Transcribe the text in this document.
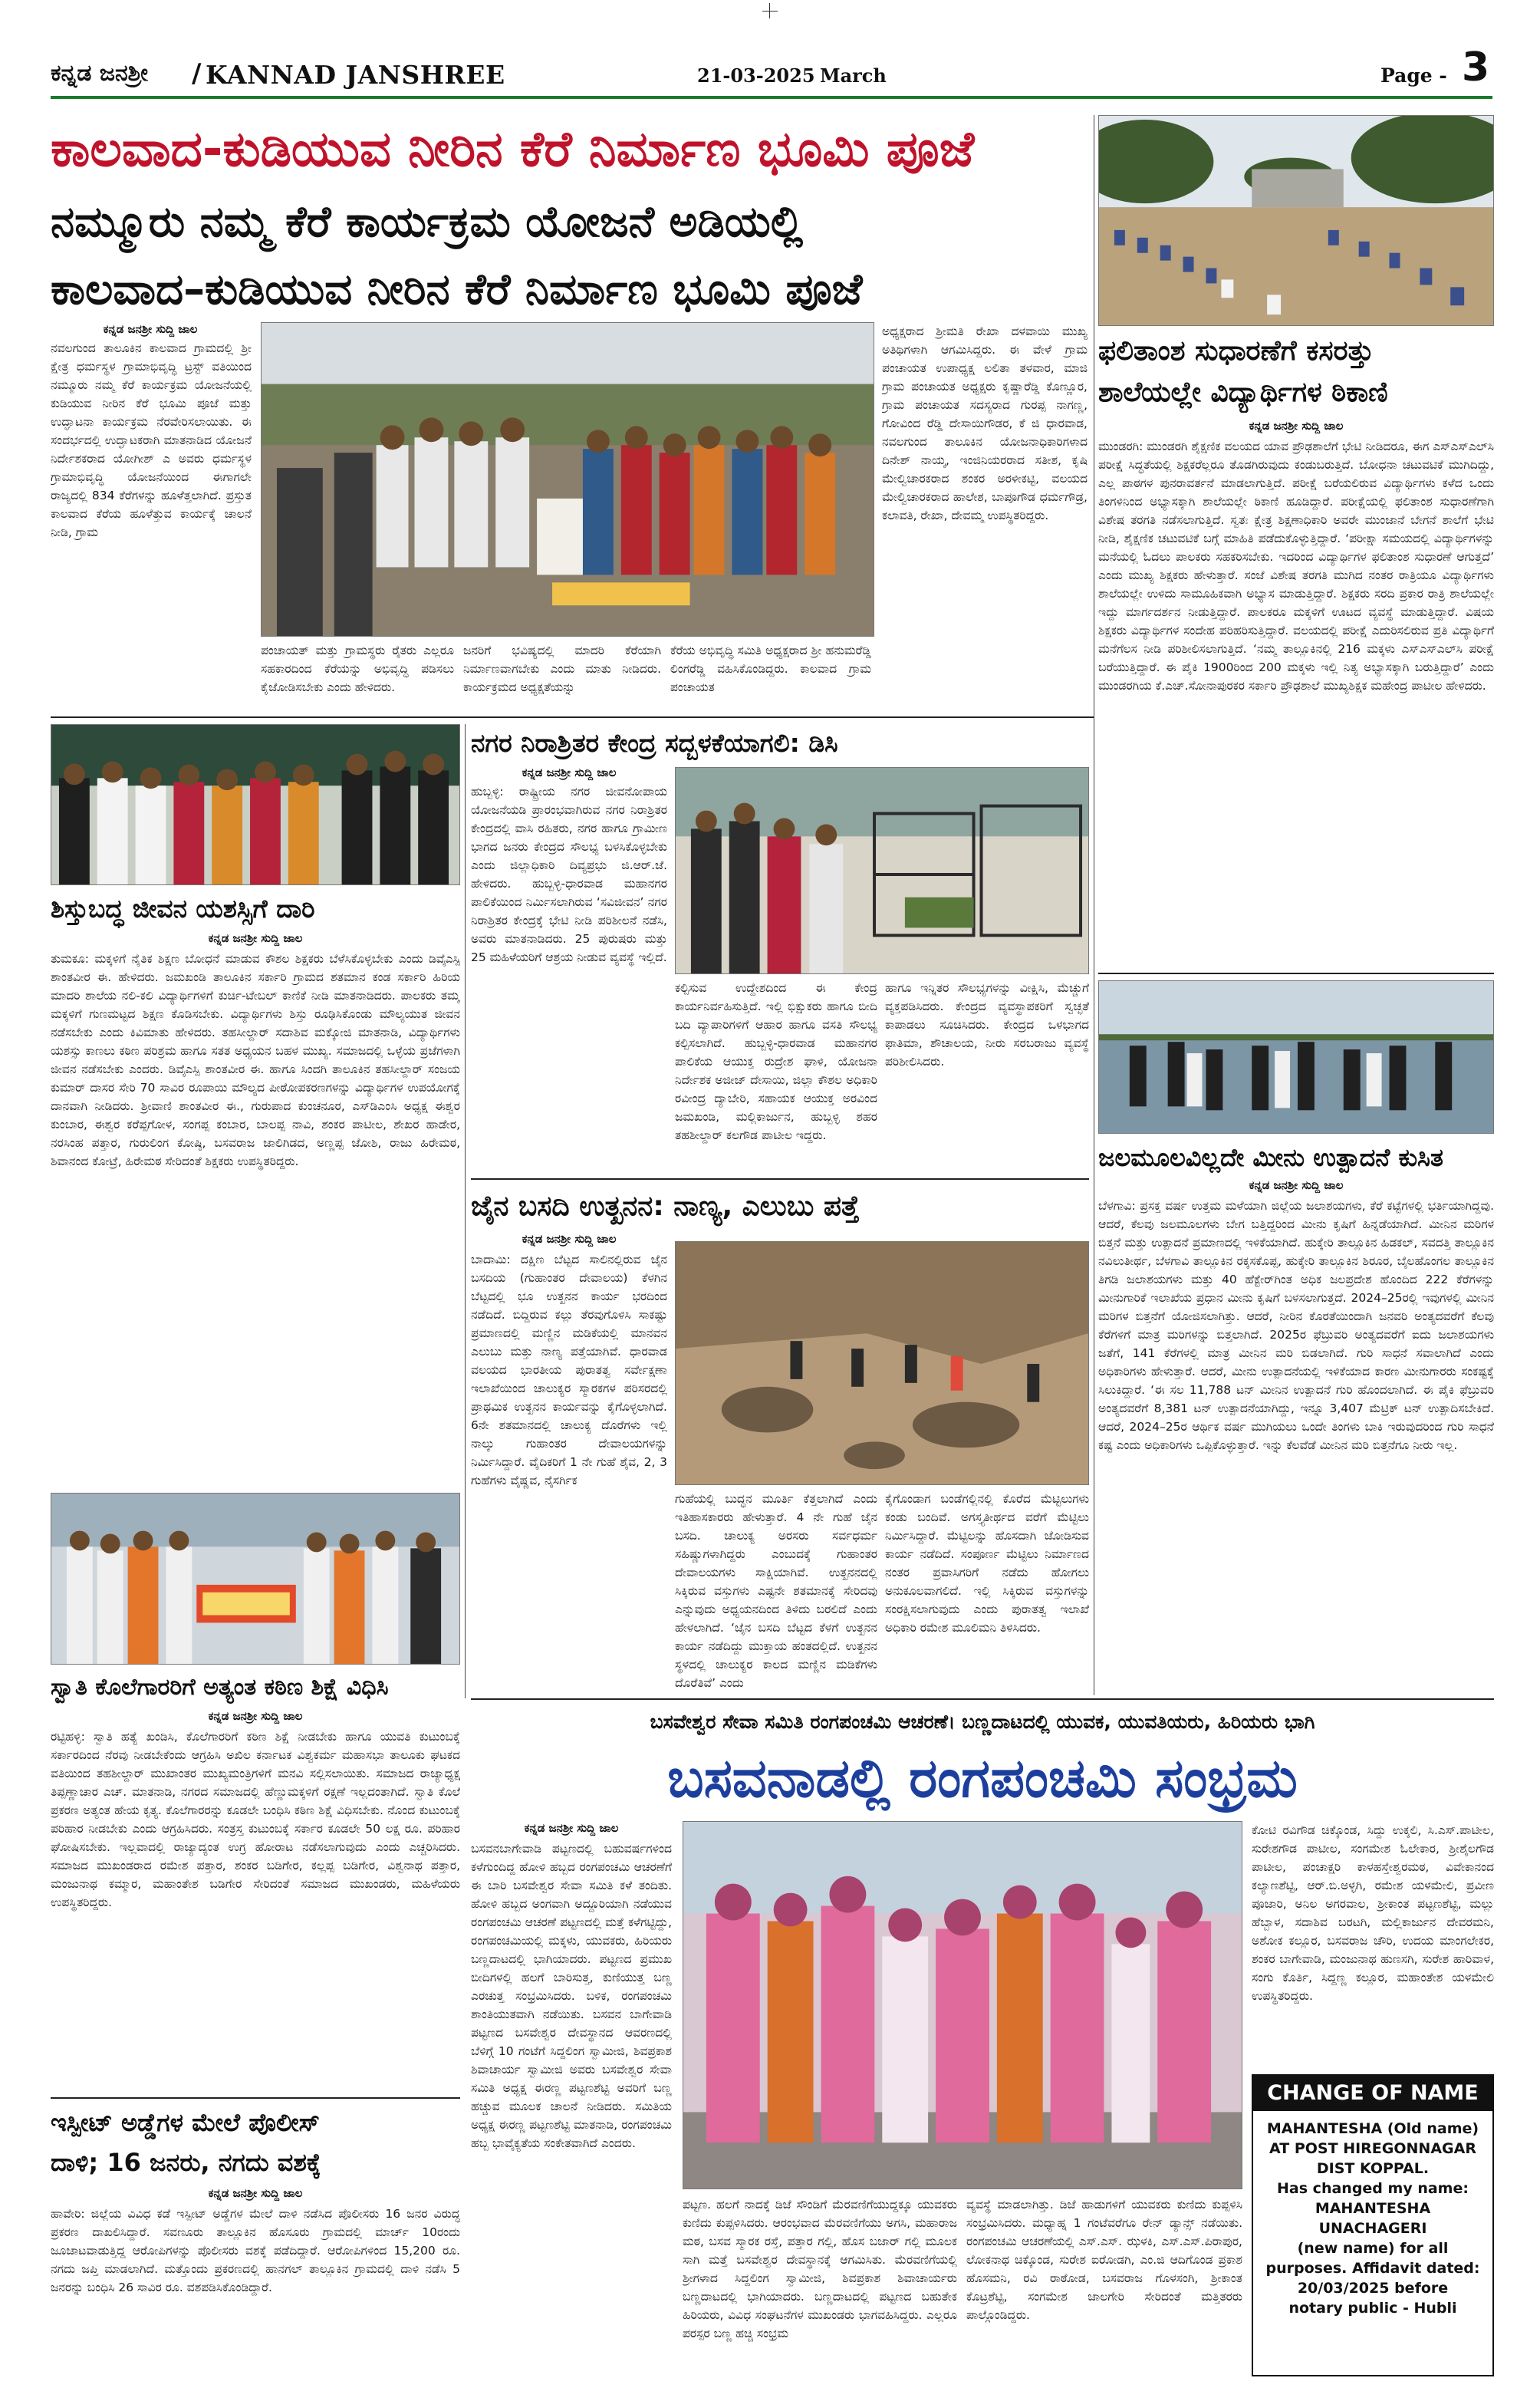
ಕನ್ನಡ ಜನಶ್ರೀ / KANNAD JANSHREE	21-03-2025 March	Page - 3
ಕಾಲವಾದ-ಕುಡಿಯುವ ನೀರಿನ ಕೆರೆ ನಿರ್ಮಾಣ ಭೂಮಿ ಪೂಜೆ
ನಮ್ಮೂರು ನಮ್ಮ ಕೆರೆ ಕಾರ್ಯಕ್ರಮ ಯೋಜನೆ ಅಡಿಯಲ್ಲಿ
ಕಾಲವಾದ–ಕುಡಿಯುವ ನೀರಿನ ಕೆರೆ ನಿರ್ಮಾಣ ಭೂಮಿ ಪೂಜೆ
ಕನ್ನಡ ಜನಶ್ರೀ ಸುದ್ದಿ ಜಾಲ
ನವಲಗುಂದ ತಾಲೂಕಿನ ಕಾಲವಾದ ಗ್ರಾಮದಲ್ಲಿ ಶ್ರೀ ಕ್ಷೇತ್ರ ಧರ್ಮಸ್ಥಳ ಗ್ರಾಮಾಭಿವೃದ್ಧಿ ಟ್ರಸ್ಟ್ ವತಿಯಿಂದ ನಮ್ಮೂರು ನಮ್ಮ ಕೆರೆ ಕಾರ್ಯಕ್ರಮ ಯೋಜನೆಯಲ್ಲಿ ಕುಡಿಯುವ ನೀರಿನ ಕೆರೆ ಭೂಮಿ ಪೂಜೆ ಮತ್ತು ಉದ್ಘಾಟನಾ ಕಾರ್ಯಕ್ರಮ ನೆರವೇರಿಸಲಾಯಿತು. ಈ ಸಂದರ್ಭದಲ್ಲಿ ಉದ್ಘಾಟಕರಾಗಿ ಮಾತನಾಡಿದ ಯೋಜನೆ ನಿರ್ದೇಶಕರಾದ ಯೋಗೀಶ್ ಎ ಅವರು ಧರ್ಮಸ್ಥಳ ಗ್ರಾಮಾಭಿವೃದ್ಧಿ ಯೋಜನೆಯಿಂದ ಈಗಾಗಲೇ ರಾಜ್ಯದಲ್ಲಿ 834 ಕೆರೆಗಳನ್ನು ಹೂಳೆತ್ತಲಾಗಿದೆ. ಪ್ರಸ್ತುತ ಕಾಲವಾದ ಕೆರೆಯ ಹೂಳೆತ್ತುವ ಕಾರ್ಯಕ್ಕೆ ಚಾಲನೆ ನೀಡಿ, ಗ್ರಾಮ
ಪಂಚಾಯತ್ ಮತ್ತು ಗ್ರಾಮಸ್ಥರು ರೈತರು ಎಲ್ಲರೂ ಸಹಕಾರದಿಂದ ಕೆರೆಯನ್ನು ಅಭಿವೃದ್ಧಿ ಪಡಿಸಲು ಕೈಜೋಡಿಸಬೇಕು ಎಂದು ಹೇಳಿದರು.
ಜನರಿಗೆ ಭವಿಷ್ಯದಲ್ಲಿ ಮಾದರಿ ಕೆರೆಯಾಗಿ ನಿರ್ಮಾಣವಾಗಬೇಕು ಎಂದು ಮಾತು ನೀಡಿದರು. ಕಾರ್ಯಕ್ರಮದ ಅಧ್ಯಕ್ಷತೆಯನ್ನು
ಕೆರೆಯ ಅಭಿವೃದ್ಧಿ ಸಮಿತಿ ಅಧ್ಯಕ್ಷರಾದ ಶ್ರೀ ಹನುಮರೆಡ್ಡಿ ಲಿಂಗರೆಡ್ಡಿ ವಹಿಸಿಕೊಂಡಿದ್ದರು. ಕಾಲವಾದ ಗ್ರಾಮ ಪಂಚಾಯತ
ಅಧ್ಯಕ್ಷರಾದ ಶ್ರೀಮತಿ ರೇಖಾ ದಳವಾಯಿ ಮುಖ್ಯ ಅತಿಥಿಗಳಾಗಿ ಆಗಮಿಸಿದ್ದರು. ಈ ವೇಳೆ ಗ್ರಾಮ ಪಂಚಾಯತ ಉಪಾಧ್ಯಕ್ಷ ಲಲಿತಾ ತಳವಾರ, ಮಾಜಿ ಗ್ರಾಮ ಪಂಚಾಯತ ಅಧ್ಯಕ್ಷರು ಕೃಷ್ಣಾರೆಡ್ಡಿ ಕೊಣ್ಣೂರ, ಗ್ರಾಮ ಪಂಚಾಯತ ಸದಸ್ಯರಾದ ಗುರಪ್ಪ ನಾಗಣ್ಣ, ಗೋವಿಂದ ರೆಡ್ಡಿ ದೇಸಾಯಿಗೌಡರ, ಕೆ ಜಿ ಧಾರವಾಡ, ನವಲಗುಂದ ತಾಲೂಕಿನ ಯೋಜನಾಧಿಕಾರಿಗಳಾದ ದಿನೇಶ್ ನಾಯ್ಕ, ಇಂಜಿನಿಯರರಾದ ಸತೀಶ, ಕೃಷಿ ಮೇಲ್ವಿಚಾರಕರಾದ ಶಂಕರ ಅರಳೀಕಟ್ಟಿ, ವಲಯದ ಮೇಲ್ವಿಚಾರಕರಾದ ಹಾಲೇಶ, ಬಾಪೂಗೌಡ ಧರ್ಮಗೌಡ್ರ, ಕಲಾವತಿ, ರೇಖಾ, ದೇವಮ್ಮ ಉಪಸ್ಥಿತರಿದ್ದರು.
ಫಲಿತಾಂಶ ಸುಧಾರಣೆಗೆ ಕಸರತ್ತು
ಶಾಲೆಯಲ್ಲೇ ವಿದ್ಯಾರ್ಥಿಗಳ ಠಿಕಾಣಿ
ಕನ್ನಡ ಜನಶ್ರೀ ಸುದ್ದಿ ಜಾಲ
ಮುಂಡರಗಿ: ಮುಂಡರಗಿ ಶೈಕ್ಷಣಿಕ ವಲಯದ ಯಾವ ಪ್ರೌಢಶಾಲೆಗೆ ಭೇಟಿ ನೀಡಿದರೂ, ಈಗ ಎಸ್‌ಎಸ್‌ಎಲ್‌ಸಿ ಪರೀಕ್ಷೆ ಸಿದ್ಧತೆಯಲ್ಲಿ ಶಿಕ್ಷಕರೆಲ್ಲರೂ ತೊಡಗಿರುವುದು ಕಂಡುಬರುತ್ತಿದೆ. ಬೋಧನಾ ಚಟುವಟಿಕೆ ಮುಗಿದಿದ್ದು, ಎಲ್ಲ ಪಾಠಗಳ ಪುನರಾವರ್ತನೆ ಮಾಡಲಾಗುತ್ತಿದೆ. ಪರೀಕ್ಷೆ ಬರೆಯಲಿರುವ ವಿದ್ಯಾರ್ಥಿಗಳು ಕಳೆದ ಒಂದು ತಿಂಗಳಿನಿಂದ ಅಭ್ಯಾಸಕ್ಕಾಗಿ ಶಾಲೆಯಲ್ಲೇ ಠಿಕಾಣಿ ಹೂಡಿದ್ದಾರೆ. ಪರೀಕ್ಷೆಯಲ್ಲಿ ಫಲಿತಾಂಶ ಸುಧಾರಣೆಗಾಗಿ ವಿಶೇಷ ತರಗತಿ ನಡೆಸಲಾಗುತ್ತಿದೆ. ಸ್ವತಃ ಕ್ಷೇತ್ರ ಶಿಕ್ಷಣಾಧಿಕಾರಿ ಅವರೇ ಮುಂಜಾನೆ ಬೇಗನೆ ಶಾಲೆಗೆ ಭೇಟಿ ನೀಡಿ, ಶೈಕ್ಷಣಿಕ ಚಟುವಟಿಕೆ ಬಗ್ಗೆ ಮಾಹಿತಿ ಪಡೆದುಕೊಳ್ಳುತ್ತಿದ್ದಾರೆ. ‘ಪರೀಕ್ಷಾ ಸಮಯದಲ್ಲಿ ವಿದ್ಯಾರ್ಥಿಗಳನ್ನು ಮನೆಯಲ್ಲಿ ಓದಲು ಪಾಲಕರು ಸಹಕರಿಸಬೇಕು. ಇದರಿಂದ ವಿದ್ಯಾರ್ಥಿಗಳ ಫಲಿತಾಂಶ ಸುಧಾರಣೆ ಆಗುತ್ತದೆ’ ಎಂದು ಮುಖ್ಯ ಶಿಕ್ಷಕರು ಹೇಳುತ್ತಾರೆ. ಸಂಜೆ ವಿಶೇಷ ತರಗತಿ ಮುಗಿದ ನಂತರ ರಾತ್ರಿಯೂ ವಿದ್ಯಾರ್ಥಿಗಳು ಶಾಲೆಯಲ್ಲೇ ಉಳಿದು ಸಾಮೂಹಿಕವಾಗಿ ಅಭ್ಯಾಸ ಮಾಡುತ್ತಿದ್ದಾರೆ. ಶಿಕ್ಷಕರು ಸರದಿ ಪ್ರಕಾರ ರಾತ್ರಿ ಶಾಲೆಯಲ್ಲೇ ಇದ್ದು ಮಾರ್ಗದರ್ಶನ ನೀಡುತ್ತಿದ್ದಾರೆ. ಪಾಲಕರೂ ಮಕ್ಕಳಿಗೆ ಊಟದ ವ್ಯವಸ್ಥೆ ಮಾಡುತ್ತಿದ್ದಾರೆ. ವಿಷಯ ಶಿಕ್ಷಕರು ವಿದ್ಯಾರ್ಥಿಗಳ ಸಂದೇಹ ಪರಿಹರಿಸುತ್ತಿದ್ದಾರೆ. ವಲಯದಲ್ಲಿ ಪರೀಕ್ಷೆ ಎದುರಿಸಲಿರುವ ಪ್ರತಿ ವಿದ್ಯಾರ್ಥಿಗೆ ಮನೆಗೆಲಸ ನೀಡಿ ಪರಿಶೀಲಿಸಲಾಗುತ್ತಿದೆ. ‘ನಮ್ಮ ತಾಲ್ಲೂಕಿನಲ್ಲಿ 216 ಮಕ್ಕಳು ಎಸ್‌ಎಸ್‌ಎಲ್‌ಸಿ ಪರೀಕ್ಷೆ ಬರೆಯುತ್ತಿದ್ದಾರೆ. ಈ ಪೈಕಿ 1900ರಿಂದ 200 ಮಕ್ಕಳು ಇಲ್ಲಿ ನಿತ್ಯ ಅಭ್ಯಾಸಕ್ಕಾಗಿ ಬರುತ್ತಿದ್ದಾರೆ’ ಎಂದು ಮುಂಡರಗಿಯ ಕೆ.ಎಚ್.ಸೋನಾಪುರಕರ ಸರ್ಕಾರಿ ಪ್ರೌಢಶಾಲೆ ಮುಖ್ಯಶಿಕ್ಷಕ ಮಹೇಂದ್ರ ಪಾಟೀಲ ಹೇಳಿದರು.
ಶಿಸ್ತುಬದ್ಧ ಜೀವನ ಯಶಸ್ಸಿಗೆ ದಾರಿ
ಕನ್ನಡ ಜನಶ್ರೀ ಸುದ್ದಿ ಜಾಲ
ತುಮಕೂ: ಮಕ್ಕಳಿಗೆ ನೈತಿಕ ಶಿಕ್ಷಣ ಬೋಧನೆ ಮಾಡುವ ಕೌಶಲ ಶಿಕ್ಷಕರು ಬೆಳೆಸಿಕೊಳ್ಳಬೇಕು ಎಂದು ಡಿವೈಎಸ್ಪಿ ಶಾಂತವೀರ ಈ. ಹೇಳಿದರು. ಜಮಖಂಡಿ ತಾಲೂಕಿನ ಸರ್ಕಾರಿ ಗ್ರಾಮದ ಶತಮಾನ ಕಂಡ ಸರ್ಕಾರಿ ಹಿರಿಯ ಮಾದರಿ ಶಾಲೆಯ ನಲಿ-ಕಲಿ ವಿದ್ಯಾರ್ಥಿಗಳಿಗೆ ಕುರ್ಚಿ-ಟೇಬಲ್ ಕಾಣಿಕೆ ನೀಡಿ ಮಾತನಾಡಿದರು. ಪಾಲಕರು ತಮ್ಮ ಮಕ್ಕಳಿಗೆ ಗುಣಮಟ್ಟದ ಶಿಕ್ಷಣ ಕೊಡಿಸಬೇಕು. ವಿದ್ಯಾರ್ಥಿಗಳು ಶಿಸ್ತು ರೂಢಿಸಿಕೊಂಡು ಮೌಲ್ಯಯುತ ಜೀವನ ನಡೆಸಬೇಕು ಎಂದು ಕಿವಿಮಾತು ಹೇಳಿದರು. ತಹಸೀಲ್ದಾರ್ ಸದಾಶಿವ ಮಕ್ಕೋಜಿ ಮಾತನಾಡಿ, ವಿದ್ಯಾರ್ಥಿಗಳು ಯಶಸ್ಸು ಕಾಣಲು ಕಠಿಣ ಪರಿಶ್ರಮ ಹಾಗೂ ಸತತ ಅಧ್ಯಯನ ಬಹಳ ಮುಖ್ಯ. ಸಮಾಜದಲ್ಲಿ ಒಳ್ಳೆಯ ಪ್ರಜೆಗಳಾಗಿ ಜೀವನ ನಡೆಸಬೇಕು ಎಂದರು. ಡಿವೈಎಸ್ಪಿ ಶಾಂತವೀರ ಈ. ಹಾಗೂ ಸಿಂದಗಿ ತಾಲೂಕಿನ ತಹಸೀಲ್ದಾರ್ ಸಂಜಯ ಕುಮಾರ್ ದಾಸರ ಸೇರಿ 70 ಸಾವಿರ ರೂಪಾಯಿ ಮೌಲ್ಯದ ಪೀಠೋಪಕರಣಗಳನ್ನು ವಿದ್ಯಾರ್ಥಿಗಳ ಉಪಯೋಗಕ್ಕೆ ದಾನವಾಗಿ ನೀಡಿದರು. ಶ್ರೀವಾಣಿ ಶಾಂತವೀರ ಈ., ಗುರುಪಾದ ಕುಂಚನೂರ, ಎಸ್‌ಡಿಎಂಸಿ ಅಧ್ಯಕ್ಷ ಈಶ್ವರ ಕುಂಬಾರ, ಈಶ್ವರ ಕರೆಪ್ಪಗೋಳ, ಸಂಗಪ್ಪ ಕಂಬಾರ, ಬಾಲಪ್ಪ ನಾವಿ, ಶಂಕರ ಪಾಟೀಲ, ಶೇಖರ ಹಾಡೇರ, ನರಸಿಂಹ ಪತ್ತಾರ, ಗುರುಲಿಂಗ ಕೋಷ್ಠಿ, ಬಸವರಾಜ ಜಾಲಿಗಿಡದ, ಅಣ್ಣಪ್ಪ ಜೋಶಿ, ರಾಜು ಹಿರೇಮಠ, ಶಿವಾನಂದ ಕೋಟ್ರೆ, ಹಿರೇಮಠ ಸೇರಿದಂತೆ ಶಿಕ್ಷಕರು ಉಪಸ್ಥಿತರಿದ್ದರು.
ನಗರ ನಿರಾಶ್ರಿತರ ಕೇಂದ್ರ ಸದ್ಬಳಕೆಯಾಗಲಿ: ಡಿಸಿ
ಕನ್ನಡ ಜನಶ್ರೀ ಸುದ್ದಿ ಜಾಲ
ಹುಬ್ಬಳ್ಳಿ: ರಾಷ್ಟ್ರೀಯ ನಗರ ಜೀವನೋಪಾಯ ಯೋಜನೆಯಡಿ ಪ್ರಾರಂಭವಾಗಿರುವ ನಗರ ನಿರಾಶ್ರಿತರ ಕೇಂದ್ರದಲ್ಲಿ ವಾಸಿ ರಹಿತರು, ನಗರ ಹಾಗೂ ಗ್ರಾಮೀಣ ಭಾಗದ ಜನರು ಕೇಂದ್ರದ ಸೌಲಭ್ಯ ಬಳಸಿಕೊಳ್ಳಬೇಕು ಎಂದು ಜಿಲ್ಲಾಧಿಕಾರಿ ದಿವ್ಯಪ್ರಭು ಜಿ.ಆರ್.ಜೆ. ಹೇಳಿದರು. ಹುಬ್ಬಳ್ಳಿ-ಧಾರವಾಡ ಮಹಾನಗರ ಪಾಲಿಕೆಯಿಂದ ನಿರ್ಮಿಸಲಾಗಿರುವ ‘ಸವಿಜೀವನ’ ನಗರ ನಿರಾಶ್ರಿತರ ಕೇಂದ್ರಕ್ಕೆ ಭೇಟಿ ನೀಡಿ ಪರಿಶೀಲನೆ ನಡೆಸಿ, ಅವರು ಮಾತನಾಡಿದರು. 25 ಪುರುಷರು ಮತ್ತು 25 ಮಹಿಳೆಯರಿಗೆ ಆಶ್ರಯ ನೀಡುವ ವ್ಯವಸ್ಥೆ ಇಲ್ಲಿದೆ.
ಕಲ್ಪಿಸುವ ಉದ್ದೇಶದಿಂದ ಈ ಕೇಂದ್ರ ಕಾರ್ಯನಿರ್ವಹಿಸುತ್ತಿದೆ. ಇಲ್ಲಿ ಭಿಕ್ಷುಕರು ಹಾಗೂ ಬೀದಿ ಬದಿ ವ್ಯಾಪಾರಿಗಳಿಗೆ ಆಹಾರ ಹಾಗೂ ವಸತಿ ಸೌಲಭ್ಯ ಕಲ್ಪಿಸಲಾಗಿದೆ. ಹುಬ್ಬಳ್ಳಿ-ಧಾರವಾಡ ಮಹಾನಗರ ಪಾಲಿಕೆಯ ಆಯುಕ್ತ ರುದ್ರೇಶ ಘಾಳಿ, ಯೋಜನಾ ನಿರ್ದೇಶಕ ಅಜೀಜ್ ದೇಸಾಯಿ, ಜಿಲ್ಲಾ ಕೌಶಲ ಅಧಿಕಾರಿ ರವೀಂದ್ರ ದ್ಯಾಬೇರಿ, ಸಹಾಯಕ ಆಯುಕ್ತ ಅರವಿಂದ ಜಮಖಂಡಿ, ಮಲ್ಲಿಕಾರ್ಜುನ, ಹುಬ್ಬಳ್ಳಿ ಶಹರ ತಹಶೀಲ್ದಾರ್ ಕಲಗೌಡ ಪಾಟೀಲ ಇದ್ದರು.
ಹಾಗೂ ಇನ್ನಿತರ ಸೌಲಭ್ಯಗಳನ್ನು ವೀಕ್ಷಿಸಿ, ಮೆಚ್ಚುಗೆ ವ್ಯಕ್ತಪಡಿಸಿದರು. ಕೇಂದ್ರದ ವ್ಯವಸ್ಥಾಪಕರಿಗೆ ಸ್ವಚ್ಛತೆ ಕಾಪಾಡಲು ಸೂಚಿಸಿದರು. ಕೇಂದ್ರದ ಒಳಭಾಗದ ಫಾತಿಮಾ, ಶೌಚಾಲಯ, ನೀರು ಸರಬರಾಜು ವ್ಯವಸ್ಥೆ ಪರಿಶೀಲಿಸಿದರು.
ಜಲಮೂಲವಿಲ್ಲದೇ ಮೀನು ಉತ್ಪಾದನೆ ಕುಸಿತ
ಕನ್ನಡ ಜನಶ್ರೀ ಸುದ್ದಿ ಜಾಲ
ಬೆಳಗಾವಿ: ಪ್ರಸಕ್ತ ವರ್ಷ ಉತ್ತಮ ಮಳೆಯಾಗಿ ಜಿಲ್ಲೆಯ ಜಲಾಶಯಗಳು, ಕೆರೆ ಕಟ್ಟೆಗಳಲ್ಲಿ ಭರ್ತಿಯಾಗಿದ್ದವು. ಆದರೆ, ಕೆಲವು ಜಲಮೂಲಗಳು ಬೇಗ ಬತ್ತಿದ್ದರಿಂದ ಮೀನು ಕೃಷಿಗೆ ಹಿನ್ನಡೆಯಾಗಿದೆ. ಮೀನಿನ ಮರಿಗಳ ಬಿತ್ತನೆ ಮತ್ತು ಉತ್ಪಾದನೆ ಪ್ರಮಾಣದಲ್ಲಿ ಇಳಿಕೆಯಾಗಿದೆ. ಹುಕ್ಕೇರಿ ತಾಲ್ಲೂಕಿನ ಹಿಡಕಲ್, ಸವದತ್ತಿ ತಾಲ್ಲೂಕಿನ ನವಿಲುತೀರ್ಥ, ಬೆಳಗಾವಿ ತಾಲ್ಲೂಕಿನ ರಕ್ಕಸಕೊಪ್ಪ, ಹುಕ್ಕೇರಿ ತಾಲ್ಲೂಕಿನ ಶಿರೂರ, ಬೈಲಹೊಂಗಲ ತಾಲ್ಲೂಕಿನ ತಿಗಡಿ ಜಲಾಶಯಗಳು ಮತ್ತು 40 ಹೆಕ್ಟೇರ್‌ಗಿಂತ ಅಧಿಕ ಜಲಪ್ರದೇಶ ಹೊಂದಿದ 222 ಕೆರೆಗಳನ್ನು ಮೀನುಗಾರಿಕೆ ಇಲಾಖೆಯ ಪ್ರಧಾನ ಮೀನು ಕೃಷಿಗೆ ಬಳಸಲಾಗುತ್ತದೆ. 2024–25ರಲ್ಲಿ ಇವುಗಳಲ್ಲಿ ಮೀನಿನ ಮರಿಗಳ ಬಿತ್ತನೆಗೆ ಯೋಜಿಸಲಾಗಿತ್ತು. ಆದರೆ, ನೀರಿನ ಕೊರತೆಯಿಂದಾಗಿ ಜನವರಿ ಅಂತ್ಯದವರೆಗೆ ಕೆಲವು ಕೆರೆಗಳಿಗೆ ಮಾತ್ರ ಮರಿಗಳನ್ನು ಬಿತ್ತಲಾಗಿದೆ. 2025ರ ಫೆಬ್ರುವರಿ ಅಂತ್ಯದವರೆಗೆ ಐದು ಜಲಾಶಯಗಳು ಜತೆಗೆ, 141 ಕೆರೆಗಳಲ್ಲಿ ಮಾತ್ರ ಮೀನಿನ ಮರಿ ಬಿಡಲಾಗಿದೆ. ಗುರಿ ಸಾಧನೆ ಸವಾಲಾಗಿದೆ ಎಂದು ಅಧಿಕಾರಿಗಳು ಹೇಳುತ್ತಾರೆ. ಆದರೆ, ಮೀನು ಉತ್ಪಾದನೆಯಲ್ಲಿ ಇಳಿಕೆಯಾದ ಕಾರಣ ಮೀನುಗಾರರು ಸಂಕಷ್ಟಕ್ಕೆ ಸಿಲುಕಿದ್ದಾರೆ. ‘ಈ ಸಲ 11,788 ಟನ್ ಮೀನಿನ ಉತ್ಪಾದನೆ ಗುರಿ ಹೊಂದಲಾಗಿದೆ. ಈ ಪೈಕಿ ಫೆಬ್ರುವರಿ ಅಂತ್ಯದವರೆಗೆ 8,381 ಟನ್ ಉತ್ಪಾದನೆಯಾಗಿದ್ದು, ಇನ್ನೂ 3,407 ಮೆಟ್ರಿಕ್ ಟನ್ ಉತ್ಪಾದಿಸಬೇಕಿದೆ. ಆದರೆ, 2024–25ರ ಆರ್ಥಿಕ ವರ್ಷ ಮುಗಿಯಲು ಒಂದೇ ತಿಂಗಳು ಬಾಕಿ ಇರುವುದರಿಂದ ಗುರಿ ಸಾಧನೆ ಕಷ್ಟ ಎಂದು ಅಧಿಕಾರಿಗಳು ಒಪ್ಪಿಕೊಳ್ಳುತ್ತಾರೆ. ಇನ್ನು ಕೆಲವೆಡೆ ಮೀನಿನ ಮರಿ ಬಿತ್ತನೆಗೂ ನೀರು ಇಲ್ಲ.
ಜೈನ ಬಸದಿ ಉತ್ಖನನ: ನಾಣ್ಯ, ಎಲುಬು ಪತ್ತೆ
ಕನ್ನಡ ಜನಶ್ರೀ ಸುದ್ದಿ ಜಾಲ
ಬಾದಾಮಿ: ದಕ್ಷಿಣ ಬೆಟ್ಟದ ಸಾಲಿನಲ್ಲಿರುವ ಜೈನ ಬಸದಿಯ (ಗುಹಾಂತರ ದೇವಾಲಯ) ಕೆಳಗಿನ ಬೆಟ್ಟದಲ್ಲಿ ಭೂ ಉತ್ಖನನ ಕಾರ್ಯ ಭರದಿಂದ ನಡೆದಿದೆ. ಬಿದ್ದಿರುವ ಕಲ್ಲು ತೆರವುಗೊಳಿಸಿ ಸಾಕಷ್ಟು ಪ್ರಮಾಣದಲ್ಲಿ ಮಣ್ಣಿನ ಮಡಿಕೆಯಲ್ಲಿ ಮಾನವನ ಎಲುಬು ಮತ್ತು ನಾಣ್ಯ ಪತ್ತೆಯಾಗಿವೆ. ಧಾರವಾಡ ವಲಯದ ಭಾರತೀಯ ಪುರಾತತ್ವ ಸರ್ವೇಕ್ಷಣಾ ಇಲಾಖೆಯಿಂದ ಚಾಲುಕ್ಯರ ಸ್ಮಾರಕಗಳ ಪರಿಸರದಲ್ಲಿ ಪ್ರಾಥಮಿಕ ಉತ್ಖನನ ಕಾರ್ಯವನ್ನು ಕೈಗೊಳ್ಳಲಾಗಿದೆ. 6ನೇ ಶತಮಾನದಲ್ಲಿ ಚಾಲುಕ್ಯ ದೊರೆಗಳು ಇಲ್ಲಿ ನಾಲ್ಕು ಗುಹಾಂತರ ದೇವಾಲಯಗಳನ್ನು ನಿರ್ಮಿಸಿದ್ದಾರೆ. ವೈದಿಕರಿಗೆ 1 ನೇ ಗುಹೆ ಶೈವ, 2, 3 ಗುಹೆಗಳು ವೈಷ್ಣವ, ನೈಸರ್ಗಿಕ
ಗುಹೆಯಲ್ಲಿ ಬುದ್ಧನ ಮೂರ್ತಿ ಕೆತ್ತಲಾಗಿದೆ ಎಂದು ಇತಿಹಾಸಕಾರರು ಹೇಳುತ್ತಾರೆ. 4 ನೇ ಗುಹೆ ಜೈನ ಬಸದಿ. ಚಾಲುಕ್ಯ ಅರಸರು ಸರ್ವಧರ್ಮ ಸಹಿಷ್ಣುಗಳಾಗಿದ್ದರು ಎಂಬುದಕ್ಕೆ ಗುಹಾಂತರ ದೇವಾಲಯಗಳು ಸಾಕ್ಷಿಯಾಗಿವೆ. ಉತ್ಖನನದಲ್ಲಿ ಸಿಕ್ಕಿರುವ ವಸ್ತುಗಳು ಎಷ್ಟನೇ ಶತಮಾನಕ್ಕೆ ಸೇರಿದವು ಎನ್ನುವುದು ಅಧ್ಯಯನದಿಂದ ತಿಳಿದು ಬರಲಿದೆ ಎಂದು ಹೇಳಲಾಗಿದೆ. ‘ಜೈನ ಬಸದಿ ಬೆಟ್ಟದ ಕೆಳಗೆ ಉತ್ಖನನ ಕಾರ್ಯ ನಡೆದಿದ್ದು ಮುಕ್ತಾಯ ಹಂತದಲ್ಲಿದೆ. ಉತ್ಖನನ ಸ್ಥಳದಲ್ಲಿ ಚಾಲುಕ್ಯರ ಕಾಲದ ಮಣ್ಣಿನ ಮಡಿಕೆಗಳು ದೊರೆತಿವೆ’ ಎಂದು
ಕೈಗೊಂಡಾಗ ಬಂಡೆಗಲ್ಲಿನಲ್ಲಿ ಕೊರೆದ ಮೆಟ್ಟಿಲುಗಳು ಕಂಡು ಬಂದಿವೆ. ಅಗಸ್ತ್ಯತೀರ್ಥದ ವರೆಗೆ ಮೆಟ್ಟಿಲು ನಿರ್ಮಿಸಿದ್ದಾರೆ. ಮೆಟ್ಟಿಲನ್ನು ಹೊಸದಾಗಿ ಜೋಡಿಸುವ ಕಾರ್ಯ ನಡೆದಿದೆ. ಸಂಪೂರ್ಣ ಮೆಟ್ಟಿಲು ನಿರ್ಮಾಣದ ನಂತರ ಪ್ರವಾಸಿಗರಿಗೆ ನಡೆದು ಹೋಗಲು ಅನುಕೂಲವಾಗಲಿದೆ. ಇಲ್ಲಿ ಸಿಕ್ಕಿರುವ ವಸ್ತುಗಳನ್ನು ಸಂರಕ್ಷಿಸಲಾಗುವುದು ಎಂದು ಪುರಾತತ್ವ ಇಲಾಖೆ ಅಧಿಕಾರಿ ರಮೇಶ ಮೂಲಿಮನಿ ತಿಳಿಸಿದರು.
ಸ್ವಾತಿ ಕೊಲೆಗಾರರಿಗೆ ಅತ್ಯಂತ ಕಠಿಣ ಶಿಕ್ಷೆ ವಿಧಿಸಿ
ಬಸವೇಶ್ವರ ಸೇವಾ ಸಮಿತಿ ರಂಗಪಂಚಮಿ ಆಚರಣೆ। ಬಣ್ಣದಾಟದಲ್ಲಿ ಯುವಕ, ಯುವತಿಯರು, ಹಿರಿಯರು ಭಾಗಿ
ಬಸವನಾಡಲ್ಲಿ ರಂಗಪಂಚಮಿ ಸಂಭ್ರಮ
ಕನ್ನಡ ಜನಶ್ರೀ ಸುದ್ದಿ ಜಾಲ
ರಟ್ಟಿಹಳ್ಳಿ: ಸ್ವಾತಿ ಹತ್ಯೆ ಖಂಡಿಸಿ, ಕೊಲೆಗಾರರಿಗೆ ಕಠಿಣ ಶಿಕ್ಷೆ ನೀಡಬೇಕು ಹಾಗೂ ಯುವತಿ ಕುಟುಂಬಕ್ಕೆ ಸರ್ಕಾರದಿಂದ ನೆರವು ನೀಡಬೇಕೆಂದು ಆಗ್ರಹಿಸಿ ಅಖಿಲ ಕರ್ನಾಟಕ ವಿಶ್ವಕರ್ಮ ಮಹಾಸಭಾ ತಾಲೂಕು ಘಟಕದ ವತಿಯಿಂದ ತಹಶೀಲ್ದಾರ್ ಮುಖಾಂತರ ಮುಖ್ಯಮಂತ್ರಿಗಳಿಗೆ ಮನವಿ ಸಲ್ಲಿಸಲಾಯಿತು. ಸಮಾಜದ ರಾಜ್ಯಾಧ್ಯಕ್ಷ ತಿಪ್ಪಣ್ಣಾಚಾರ ಎಚ್. ಮಾತನಾಡಿ, ನಗರದ ಸಮಾಜದಲ್ಲಿ ಹೆಣ್ಣುಮಕ್ಕಳಿಗೆ ರಕ್ಷಣೆ ಇಲ್ಲದಂತಾಗಿದೆ. ಸ್ವಾತಿ ಕೊಲೆ ಪ್ರಕರಣ ಅತ್ಯಂತ ಹೇಯ ಕೃತ್ಯ. ಕೊಲೆಗಾರರನ್ನು ಕೂಡಲೇ ಬಂಧಿಸಿ ಕಠಿಣ ಶಿಕ್ಷೆ ವಿಧಿಸಬೇಕು. ನೊಂದ ಕುಟುಂಬಕ್ಕೆ ಪರಿಹಾರ ನೀಡಬೇಕು ಎಂದು ಆಗ್ರಹಿಸಿದರು. ಸಂತ್ರಸ್ತ ಕುಟುಂಬಕ್ಕೆ ಸರ್ಕಾರ ಕೂಡಲೇ 50 ಲಕ್ಷ ರೂ. ಪರಿಹಾರ ಘೋಷಿಸಬೇಕು. ಇಲ್ಲವಾದಲ್ಲಿ ರಾಜ್ಯಾದ್ಯಂತ ಉಗ್ರ ಹೋರಾಟ ನಡೆಸಲಾಗುವುದು ಎಂದು ಎಚ್ಚರಿಸಿದರು. ಸಮಾಜದ ಮುಖಂಡರಾದ ರಮೇಶ ಪತ್ತಾರ, ಶಂಕರ ಬಡಿಗೇರ, ಕಲ್ಲಪ್ಪ ಬಡಿಗೇರ, ವಿಶ್ವನಾಥ ಪತ್ತಾರ, ಮಂಜುನಾಥ ಕಮ್ಮಾರ, ಮಹಾಂತೇಶ ಬಡಿಗೇರ ಸೇರಿದಂತೆ ಸಮಾಜದ ಮುಖಂಡರು, ಮಹಿಳೆಯರು ಉಪಸ್ಥಿತರಿದ್ದರು.
ಕನ್ನಡ ಜನಶ್ರೀ ಸುದ್ದಿ ಜಾಲ
ಬಸವನಬಾಗೇವಾಡಿ ಪಟ್ಟಣದಲ್ಲಿ ಬಹುವರ್ಷಗಳಿಂದ ಕಳೆಗುಂದಿದ್ದ ಹೋಳಿ ಹಬ್ಬದ ರಂಗಪಂಚಮಿ ಆಚರಣೆಗೆ ಈ ಬಾರಿ ಬಸವೇಶ್ವರ ಸೇವಾ ಸಮಿತಿ ಕಳೆ ತಂದಿತು. ಹೋಳಿ ಹಬ್ಬದ ಅಂಗವಾಗಿ ಅದ್ದೂರಿಯಾಗಿ ನಡೆಯುವ ರಂಗಪಂಚಮಿ ಆಚರಣೆ ಪಟ್ಟಣದಲ್ಲಿ ಮತ್ತೆ ಕಳೆಗಟ್ಟಿದ್ದು, ರಂಗಪಂಚಮಿಯಲ್ಲಿ ಮಕ್ಕಳು, ಯುವಕರು, ಹಿರಿಯರು ಬಣ್ಣದಾಟದಲ್ಲಿ ಭಾಗಿಯಾದರು. ಪಟ್ಟಣದ ಪ್ರಮುಖ ಬೀದಿಗಳಲ್ಲಿ ಹಲಗೆ ಬಾರಿಸುತ್ತ, ಕುಣಿಯುತ್ತ ಬಣ್ಣ ಎರಚುತ್ತ ಸಂಭ್ರಮಿಸಿದರು. ಬಳಿಕ, ರಂಗಪಂಚಮಿ ಶಾಂತಿಯುತವಾಗಿ ನಡೆಯಿತು. ಬಸವನ ಬಾಗೇವಾಡಿ ಪಟ್ಟಣದ ಬಸವೇಶ್ವರ ದೇವಸ್ಥಾನದ ಆವರಣದಲ್ಲಿ ಬೆಳಿಗ್ಗೆ 10 ಗಂಟೆಗೆ ಸಿದ್ದಲಿಂಗ ಸ್ವಾಮೀಜಿ, ಶಿವಪ್ರಕಾಶ ಶಿವಾಚಾರ್ಯ ಸ್ವಾಮೀಜಿ ಅವರು ಬಸವೇಶ್ವರ ಸೇವಾ ಸಮಿತಿ ಅಧ್ಯಕ್ಷ ಈರಣ್ಣ ಪಟ್ಟಣಶೆಟ್ಟಿ ಅವರಿಗೆ ಬಣ್ಣ ಹಚ್ಚುವ ಮೂಲಕ ಚಾಲನೆ ನೀಡಿದರು. ಸಮಿತಿಯ ಅಧ್ಯಕ್ಷ ಈರಣ್ಣ ಪಟ್ಟಣಶೆಟ್ಟಿ ಮಾತನಾಡಿ, ರಂಗಪಂಚಮಿ ಹಬ್ಬ ಭಾವೈಕ್ಯತೆಯ ಸಂಕೇತವಾಗಿದೆ ಎಂದರು.
ಕೋಟಿ ರವಿಗೌಡ ಚಿಕ್ಕೊಂಡ, ಸಿದ್ದು ಉಕ್ಕಲಿ, ಸಿ.ಎಸ್.ಪಾಟೀಲ, ಸುರೇಶಗೌಡ ಪಾಟೀಲ, ಸಂಗಮೇಶ ಓಲೇಕಾರ, ಶ್ರೀಶೈಲಗೌಡ ಪಾಟೀಲ, ಪಂಚಾಕ್ಷರಿ ಕಾಳಹಸ್ತೇಶ್ವರಮಠ, ವಿವೇಕಾನಂದ ಕಲ್ಯಾಣಶೆಟ್ಟಿ, ಆರ್.ಬಿ.ಅಳ್ಳಗಿ, ರಮೇಶ ಯಳಮೇಲಿ, ಪ್ರವೀಣ ಪೂಜಾರಿ, ಅನಿಲ ಅಗರವಾಲ, ಶ್ರೀಕಾಂತ ಪಟ್ಟಣಶೆಟ್ಟಿ, ಮಲ್ಲು ಹೆಬ್ಬಾಳ, ಸದಾಶಿವ ಬರಟಗಿ, ಮಲ್ಲಿಕಾರ್ಜುನ ದೇವರಮನಿ, ಅಶೋಕ ಕಲ್ಲೂರ, ಬಸವರಾಜ ಚೌರಿ, ಉದಯ ಮಾಂಗಲೇಕರ, ಶಂಕರ ಬಾಗೇವಾಡಿ, ಮಂಜುನಾಥ ಹುಣಸಗಿ, ಸುರೇಶ ಹಾರಿವಾಳ, ಸಂಗು ಕೊರ್ತಿ, ಸಿದ್ದಣ್ಣ ಕಲ್ಲೂರ, ಮಹಾಂತೇಶ ಯಳಮೇಲಿ ಉಪಸ್ಥಿತರಿದ್ದರು.
ಪಟ್ಟಣ. ಹಲಗೆ ನಾದಕ್ಕೆ ಡಿಜೆ ಸೌಂಡಿಗೆ ಮೆರವಣಿಗೆಯುದ್ದಕ್ಕೂ ಯುವಕರು ಕುಣಿದು ಕುಪ್ಪಳಿಸಿದರು. ಆರಂಭವಾದ ಮೆರವಣಿಗೆಯು ಅಗಸಿ, ಮಹಾರಾಜ ಮಠ, ಬಸವ ಸ್ಮಾರಕ ರಸ್ತೆ, ಪತ್ತಾರ ಗಲ್ಲಿ, ಹೊಸ ಬಜಾರ್ ಗಲ್ಲಿ ಮೂಲಕ ಸಾಗಿ ಮತ್ತೆ ಬಸವೇಶ್ವರ ದೇವಸ್ಥಾನಕ್ಕೆ ಆಗಮಿಸಿತು. ಮೆರವಣಿಗೆಯಲ್ಲಿ ಶ್ರೀಗಳಾದ ಸಿದ್ದಲಿಂಗ ಸ್ವಾಮೀಜಿ, ಶಿವಪ್ರಕಾಶ ಶಿವಾಚಾರ್ಯರು ಬಣ್ಣದಾಟದಲ್ಲಿ ಭಾಗಿಯಾದರು. ಬಣ್ಣದಾಟದಲ್ಲಿ ಪಟ್ಟಣದ ಬಹುತೇಕ ಹಿರಿಯರು, ವಿವಿಧ ಸಂಘಟನೆಗಳ ಮುಖಂಡರು ಭಾಗವಹಿಸಿದ್ದರು. ಎಲ್ಲರೂ ಪರಸ್ಪರ ಬಣ್ಣ ಹಚ್ಚಿ ಸಂಭ್ರಮ
ವ್ಯವಸ್ಥೆ ಮಾಡಲಾಗಿತ್ತು. ಡಿಜೆ ಹಾಡುಗಳಿಗೆ ಯುವಕರು ಕುಣಿದು ಕುಪ್ಪಳಿಸಿ ಸಂಭ್ರಮಿಸಿದರು. ಮಧ್ಯಾಹ್ನ 1 ಗಂಟೆವರೆಗೂ ರೇನ್ ಡ್ಯಾನ್ಸ್ ನಡೆಯಿತು. ರಂಗಪಂಚಮಿ ಆಚರಣೆಯಲ್ಲಿ ಎಸ್.ಎಸ್. ಝಳಕಿ, ಎಸ್.ಎಸ್.ಪಿರಾಪುರ, ಲೋಕನಾಥ ಚಿಕ್ಕೊಂಡ, ಸುರೇಶ ಐರೋಡಗಿ, ಎಂ.ಜಿ ಆದಿಗೊಂಡ ಪ್ರಕಾಶ ಹೊಸಮನಿ, ರವಿ ರಾಠೋಡ, ಬಸವರಾಜ ಗೊಳಸಂಗಿ, ಶ್ರೀಕಾಂತ ಕೊಟ್ರಶೆಟ್ಟಿ, ಸಂಗಮೇಶ ಜಾಲಗೇರಿ ಸೇರಿದಂತೆ ಮತ್ತಿತರರು ಪಾಲ್ಗೊಂಡಿದ್ದರು.
CHANGE OF NAME
MAHANTESHA (Old name) AT POST HIREGONNAGAR DIST KOPPAL.
Has changed my name:
MAHANTESHA UNACHAGERI
(new name) for all purposes. Affidavit dated:
20/03/2025 before
notary public - Hubli
ಇಸ್ಪೀಟ್ ಅಡ್ಡೆಗಳ ಮೇಲೆ ಪೊಲೀಸ್
ದಾಳಿ; 16 ಜನರು, ನಗದು ವಶಕ್ಕೆ
ಕನ್ನಡ ಜನಶ್ರೀ ಸುದ್ದಿ ಜಾಲ
ಹಾವೇರಿ: ಜಿಲ್ಲೆಯ ವಿವಿಧ ಕಡೆ ಇಸ್ಪೀಟ್ ಅಡ್ಡೆಗಳ ಮೇಲೆ ದಾಳಿ ನಡೆಸಿದ ಪೊಲೀಸರು 16 ಜನರ ವಿರುದ್ಧ ಪ್ರಕರಣ ದಾಖಲಿಸಿದ್ದಾರೆ. ಸವಣೂರು ತಾಲ್ಲೂಕಿನ ಹೊಸೂರು ಗ್ರಾಮದಲ್ಲಿ ಮಾರ್ಚ್ 10ರಂದು ಜೂಜಾಟವಾಡುತ್ತಿದ್ದ ಆರೋಪಿಗಳನ್ನು ಪೊಲೀಸರು ವಶಕ್ಕೆ ಪಡೆದಿದ್ದಾರೆ. ಆರೋಪಿಗಳಿಂದ 15,200 ರೂ. ನಗದು ಜಪ್ತಿ ಮಾಡಲಾಗಿದೆ. ಮತ್ತೊಂದು ಪ್ರಕರಣದಲ್ಲಿ ಹಾನಗಲ್ ತಾಲ್ಲೂಕಿನ ಗ್ರಾಮದಲ್ಲಿ ದಾಳಿ ನಡೆಸಿ 5 ಜನರನ್ನು ಬಂಧಿಸಿ 26 ಸಾವಿರ ರೂ. ವಶಪಡಿಸಿಕೊಂಡಿದ್ದಾರೆ.
